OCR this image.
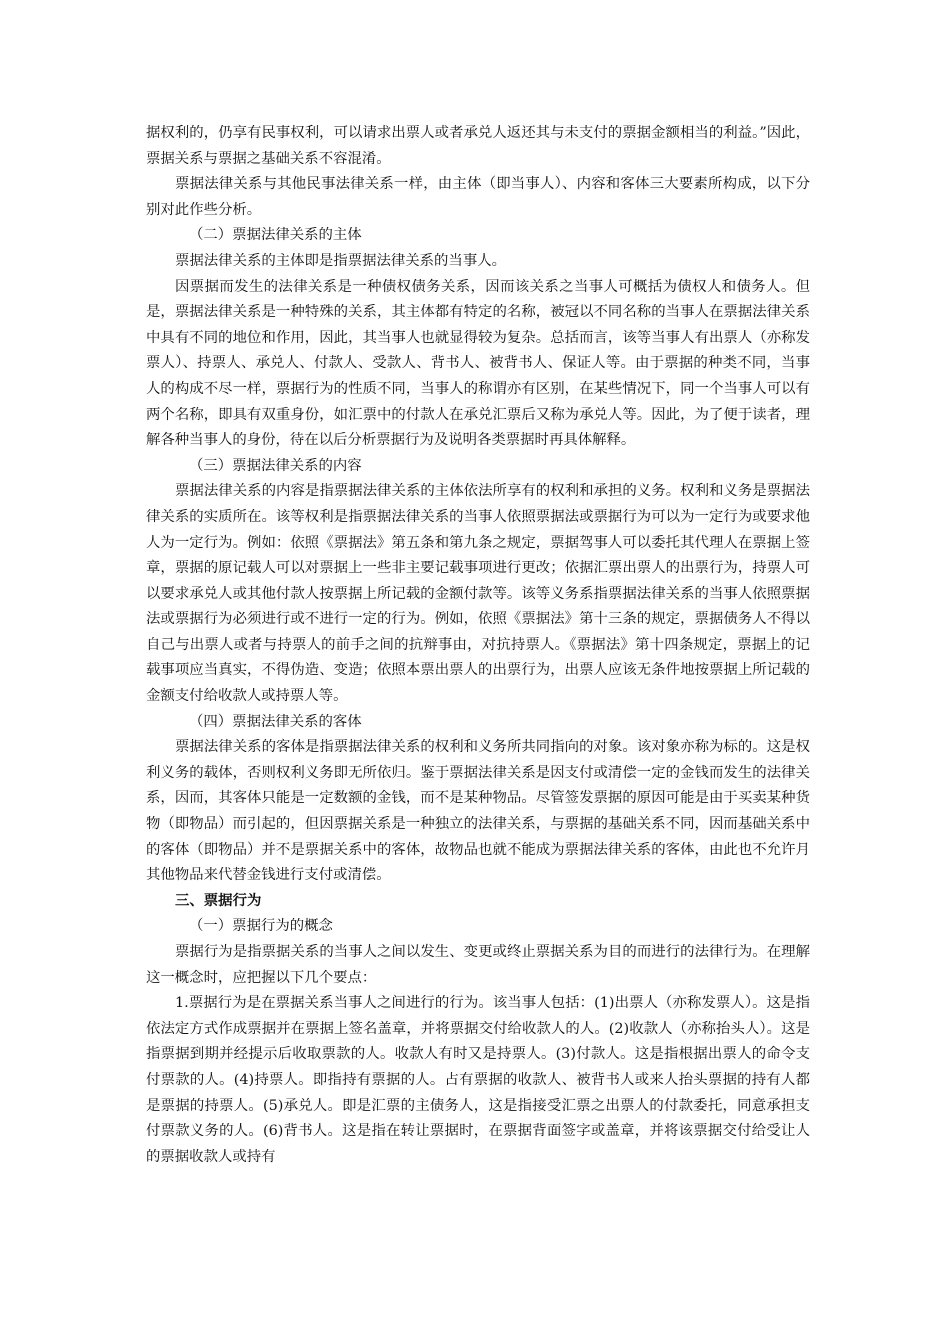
据权利的，仍享有民事权利，可以请求出票人或者承兑人返还其与未支付的票据金额相当的利益。”因此，票据关系与票据之基础关系不容混淆。

票据法律关系与其他民事法律关系一样，由主体（即当事人）、内容和客体三大要素所构成，以下分别对此作些分析。

（二）票据法律关系的主体

票据法律关系的主体即是指票据法律关系的当事人。

因票据而发生的法律关系是一种债权债务关系，因而该关系之当事人可概括为债权人和债务人。但是，票据法律关系是一种特殊的关系，其主体都有特定的名称，被冠以不同名称的当事人在票据法律关系中具有不同的地位和作用，因此，其当事人也就显得较为复杂。总括而言，该等当事人有出票人（亦称发票人）、持票人、承兑人、付款人、受款人、背书人、被背书人、保证人等。由于票据的种类不同，当事人的构成不尽一样，票据行为的性质不同，当事人的称谓亦有区别，在某些情况下，同一个当事人可以有两个名称，即具有双重身份，如汇票中的付款人在承兑汇票后又称为承兑人等。因此，为了便于读者，理解各种当事人的身份，待在以后分析票据行为及说明各类票据时再具体解释。

（三）票据法律关系的内容

票据法律关系的内容是指票据法律关系的主体依法所享有的权利和承担的义务。权利和义务是票据法律关系的实质所在。该等权利是指票据法律关系的当事人依照票据法或票据行为可以为一定行为或要求他人为一定行为。例如：依照《票据法》第五条和第九条之规定，票据驾事人可以委托其代理人在票据上签章，票据的原记载人可以对票据上一些非主要记载事项进行更改；依据汇票出票人的出票行为，持票人可以要求承兑人或其他付款人按票据上所记载的金额付款等。该等义务系指票据法律关系的当事人依照票据法或票据行为必须进行或不进行一定的行为。例如，依照《票据法》第十三条的规定，票据债务人不得以自己与出票人或者与持票人的前手之间的抗辩事由，对抗持票人。《票据法》第十四条规定，票据上的记载事项应当真实，不得伪造、变造；依照本票出票人的出票行为，出票人应该无条件地按票据上所记载的金额支付给收款人或持票人等。

（四）票据法律关系的客体

票据法律关系的客体是指票据法律关系的权利和义务所共同指向的对象。该对象亦称为标的。这是权利义务的载体，否则权利义务即无所依归。鉴于票据法律关系是因支付或清偿一定的金钱而发生的法律关系，因而，其客体只能是一定数额的金钱，而不是某种物品。尽管签发票据的原因可能是由于买卖某种货物（即物品）而引起的，但因票据关系是一种独立的法律关系，与票据的基础关系不同，因而基础关系中的客体（即物品）并不是票据关系中的客体，故物品也就不能成为票据法律关系的客体，由此也不允许月其他物品来代替金钱进行支付或清偿。

三、票据行为

（一）票据行为的概念

票据行为是指票据关系的当事人之间以发生、变更或终止票据关系为目的而进行的法律行为。在理解这一概念时，应把握以下几个要点：

1.票据行为是在票据关系当事人之间进行的行为。该当事人包括：(1)出票人（亦称发票人）。这是指依法定方式作成票据并在票据上签名盖章，并将票据交付给收款人的人。(2)收款人（亦称抬头人）。这是指票据到期并经提示后收取票款的人。收款人有时又是持票人。(3)付款人。这是指根据出票人的命令支付票款的人。(4)持票人。即指持有票据的人。占有票据的收款人、被背书人或来人抬头票据的持有人都是票据的持票人。(5)承兑人。即是汇票的主债务人，这是指接受汇票之出票人的付款委托，同意承担支付票款义务的人。(6)背书人。这是指在转让票据时，在票据背面签字或盖章，并将该票据交付给受让人的票据收款人或持有
